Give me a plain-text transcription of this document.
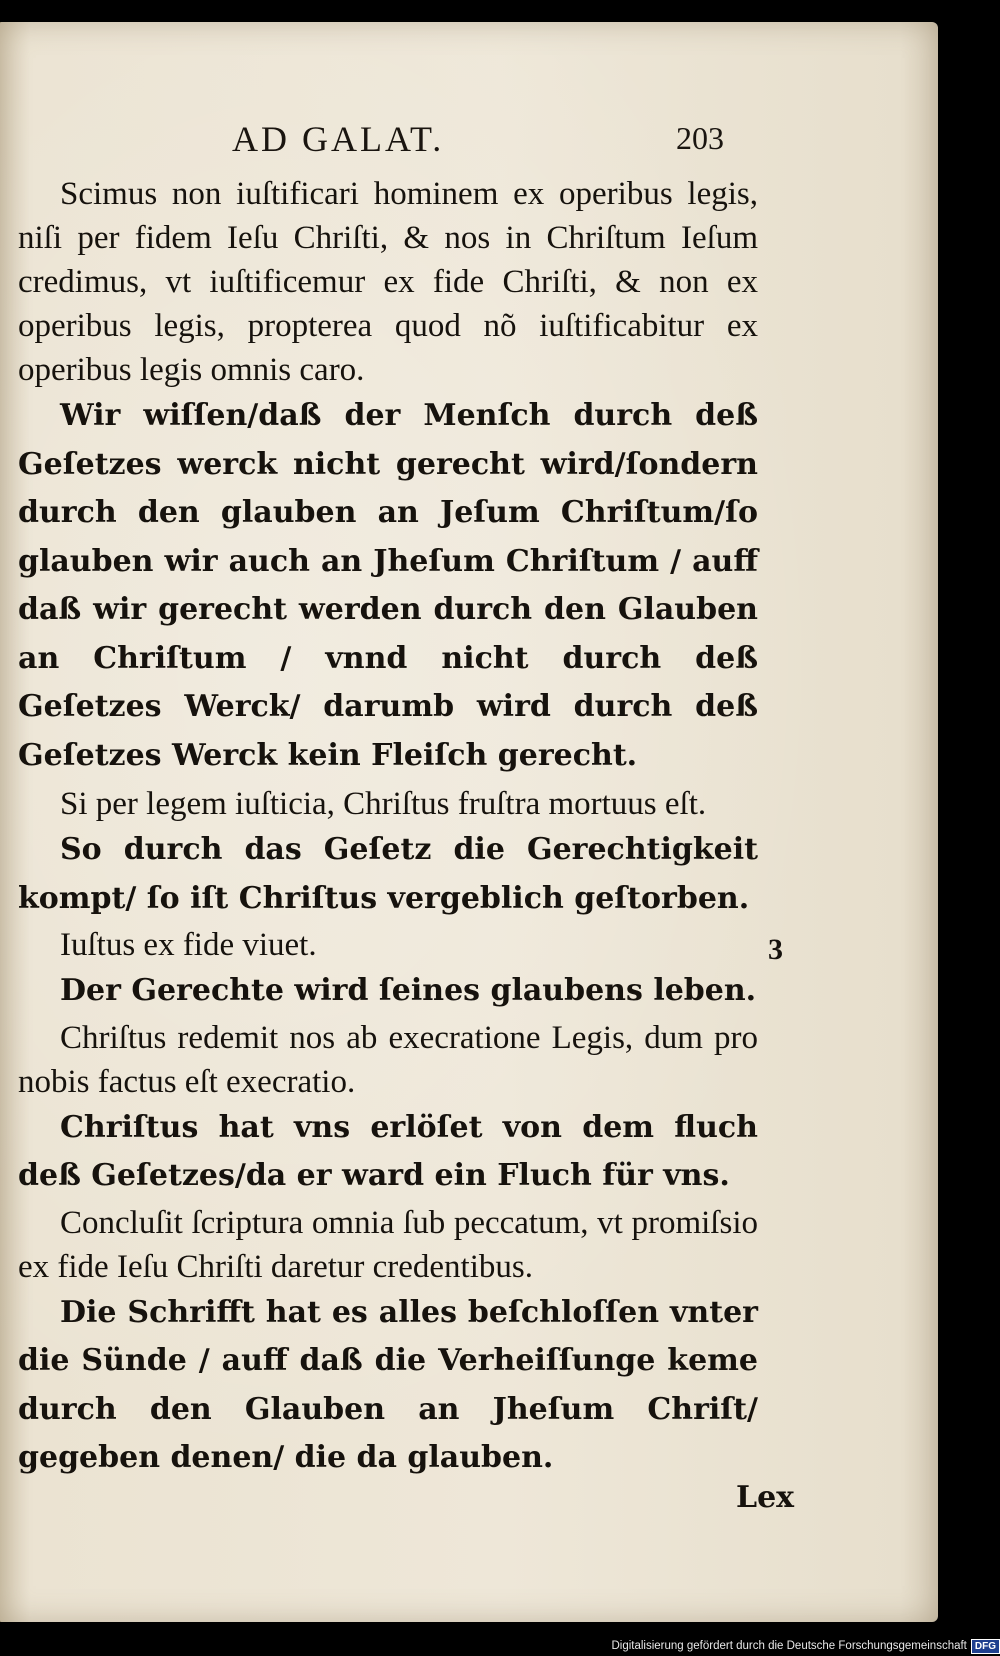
AD GALAT.	203

Scimus non iuſtificari hominem ex operibus legis, niſi per fidem Ieſu Chriſti, & nos in Chriſtum Ieſum credimus, vt iuſtificemur ex fide Chriſti, & non ex operibus legis, propterea quod nõ iuſtificabitur ex operibus legis omnis caro.

Wir wiſſen/daß der Menſch durch deß Geſetzes werck nicht gerecht wird/ſondern durch den glauben an Jeſum Chriſtum/ſo glauben wir auch an Jheſum Chriſtum / auff daß wir gerecht werden durch den Glauben an Chriſtum / vnnd nicht durch deß Geſetzes Werck/ darumb wird durch deß Geſetzes Werck kein Fleiſch gerecht.

Si per legem iuſticia, Chriſtus fruſtra mortuus eſt.

So durch das Geſetz die Gerechtigkeit kompt/ ſo iſt Chriſtus vergeblich geſtorben.

Iuſtus ex fide viuet.

Der Gerechte wird ſeines glaubens leben.

Chriſtus redemit nos ab execratione Legis, dum pro nobis factus eſt execratio.

Chriſtus hat vns erlöſet von dem fluch deß Geſetzes/da er ward ein Fluch für vns.

Concluſit ſcriptura omnia ſub peccatum, vt promiſsio ex fide Ieſu Chriſti daretur credentibus.

Die Schrifft hat es alles beſchloſſen vnter die Sünde / auff daß die Verheiſſunge keme durch den Glauben an Jheſum Chriſt/ gegeben denen/ die da glauben.

3
Lex
Digitalisierung gefördert durch die Deutsche Forschungsgemeinschaft DFG
